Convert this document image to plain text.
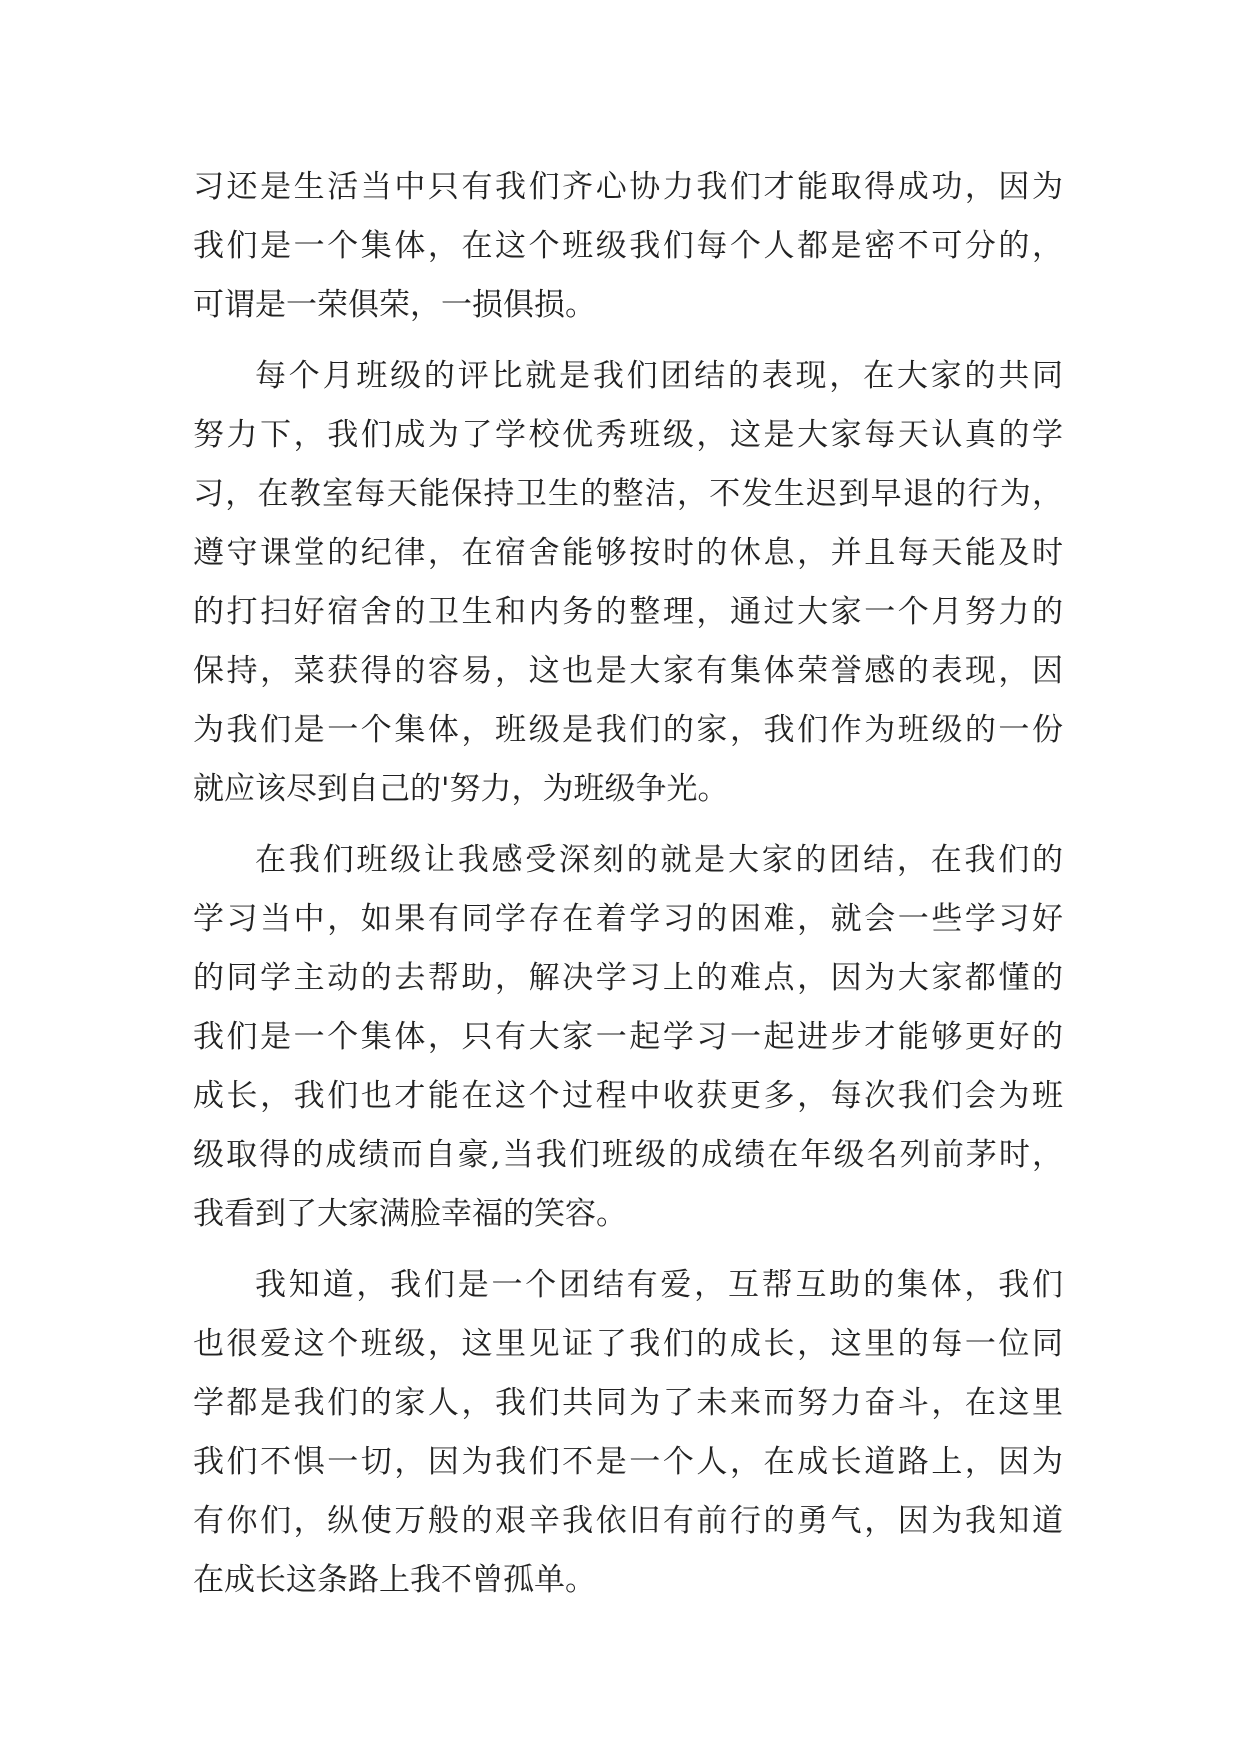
习还是生活当中只有我们齐心协力我们才能取得成功，因为
我们是一个集体，在这个班级我们每个人都是密不可分的，
可谓是一荣俱荣，一损俱损。
每个月班级的评比就是我们团结的表现，在大家的共同
努力下，我们成为了学校优秀班级，这是大家每天认真的学
习，在教室每天能保持卫生的整洁，不发生迟到早退的行为，
遵守课堂的纪律，在宿舍能够按时的休息，并且每天能及时
的打扫好宿舍的卫生和内务的整理，通过大家一个月努力的
保持，菜获得的容易，这也是大家有集体荣誉感的表现，因
为我们是一个集体，班级是我们的家，我们作为班级的一份
就应该尽到自己的'努力，为班级争光。
在我们班级让我感受深刻的就是大家的团结，在我们的
学习当中，如果有同学存在着学习的困难，就会一些学习好
的同学主动的去帮助，解决学习上的难点，因为大家都懂的
我们是一个集体，只有大家一起学习一起进步才能够更好的
成长，我们也才能在这个过程中收获更多，每次我们会为班
级取得的成绩而自豪,当我们班级的成绩在年级名列前茅时，
我看到了大家满脸幸福的笑容。
我知道，我们是一个团结有爱，互帮互助的集体，我们
也很爱这个班级，这里见证了我们的成长，这里的每一位同
学都是我们的家人，我们共同为了未来而努力奋斗，在这里
我们不惧一切，因为我们不是一个人，在成长道路上，因为
有你们，纵使万般的艰辛我依旧有前行的勇气，因为我知道
在成长这条路上我不曾孤单。
